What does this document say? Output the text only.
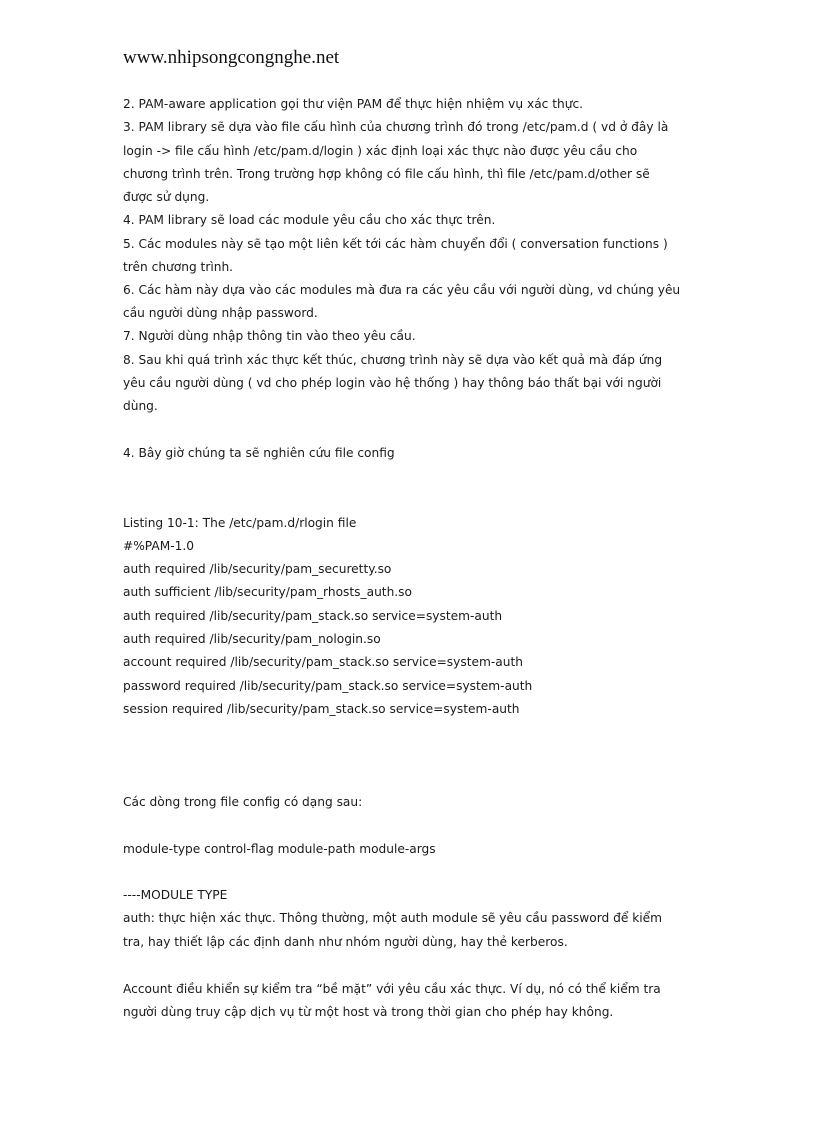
www.nhipsongcongnghe.net
2. PAM-aware application gọi thư viện PAM để thực hiện nhiệm vụ xác thực.
3. PAM library sẽ dựa vào file cấu hình của chương trình đó trong /etc/pam.d ( vd ở đây là
login -> file cấu hình /etc/pam.d/login ) xác định loại xác thực nào được yêu cầu cho
chương trình trên. Trong trường hợp không có file cấu hình, thì file /etc/pam.d/other sẽ
được sử dụng.
4. PAM library sẽ load các module yêu cầu cho xác thực trên.
5. Các modules này sẽ tạo một liên kết tới các hàm chuyển đổi ( conversation functions )
trên chương trình.
6. Các hàm này dựa vào các modules mà đưa ra các yêu cầu với người dùng, vd chúng yêu
cầu người dùng nhập password.
7. Người dùng nhập thông tin vào theo yêu cầu.
8. Sau khi quá trình xác thực kết thúc, chương trình này sẽ dựa vào kết quả mà đáp ứng
yêu cầu người dùng ( vd cho phép login vào hệ thống ) hay thông báo thất bại với người
dùng.
4. Bây giờ chúng ta sẽ nghiên cứu file config
Listing 10-1: The /etc/pam.d/rlogin file
#%PAM-1.0
auth required /lib/security/pam_securetty.so
auth sufficient /lib/security/pam_rhosts_auth.so
auth required /lib/security/pam_stack.so service=system-auth
auth required /lib/security/pam_nologin.so
account required /lib/security/pam_stack.so service=system-auth
password required /lib/security/pam_stack.so service=system-auth
session required /lib/security/pam_stack.so service=system-auth
Các dòng trong file config có dạng sau:
module-type control-flag module-path module-args
----MODULE TYPE
auth: thực hiện xác thực. Thông thường, một auth module sẽ yêu cầu password để kiểm
tra, hay thiết lập các định danh như nhóm người dùng, hay thẻ kerberos.
Account điều khiển sự kiểm tra “bề mặt” với yêu cầu xác thực. Ví dụ, nó có thể kiểm tra
người dùng truy cập dịch vụ từ một host và trong thời gian cho phép hay không.
